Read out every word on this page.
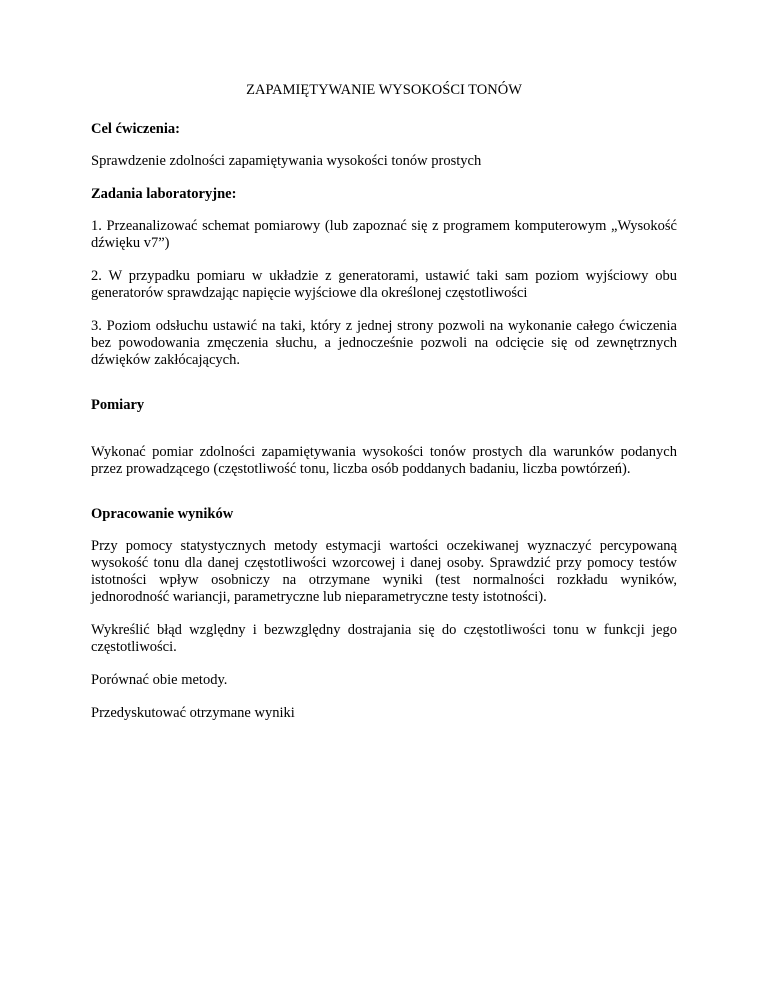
ZAPAMIĘTYWANIE WYSOKOŚCI TONÓW
Cel ćwiczenia:

Sprawdzenie zdolności zapamiętywania wysokości tonów prostych

Zadania laboratoryjne:

1. Przeanalizować schemat pomiarowy (lub zapoznać się z programem komputerowym „Wysokość dźwięku v7”)

2. W przypadku pomiaru w układzie z generatorami, ustawić taki sam poziom wyjściowy obu generatorów sprawdzając napięcie wyjściowe dla określonej częstotliwości

3. Poziom odsłuchu ustawić na taki, który z jednej strony pozwoli na wykonanie całego ćwiczenia bez powodowania zmęczenia słuchu, a jednocześnie pozwoli na odcięcie się od zewnętrznych dźwięków zakłócających.

Pomiary

Wykonać pomiar zdolności zapamiętywania wysokości tonów prostych dla warunków podanych przez prowadzącego (częstotliwość tonu, liczba osób poddanych badaniu, liczba powtórzeń).

Opracowanie wyników

Przy pomocy statystycznych metody estymacji wartości oczekiwanej wyznaczyć percypowaną wysokość tonu dla danej częstotliwości wzorcowej i danej osoby. Sprawdzić przy pomocy testów istotności wpływ osobniczy na otrzymane wyniki (test normalności rozkładu wyników, jednorodność wariancji, parametryczne lub nieparametryczne testy istotności).

Wykreślić błąd względny i bezwzględny dostrajania się do częstotliwości tonu w funkcji jego częstotliwości.

Porównać obie metody.

Przedyskutować otrzymane wyniki
